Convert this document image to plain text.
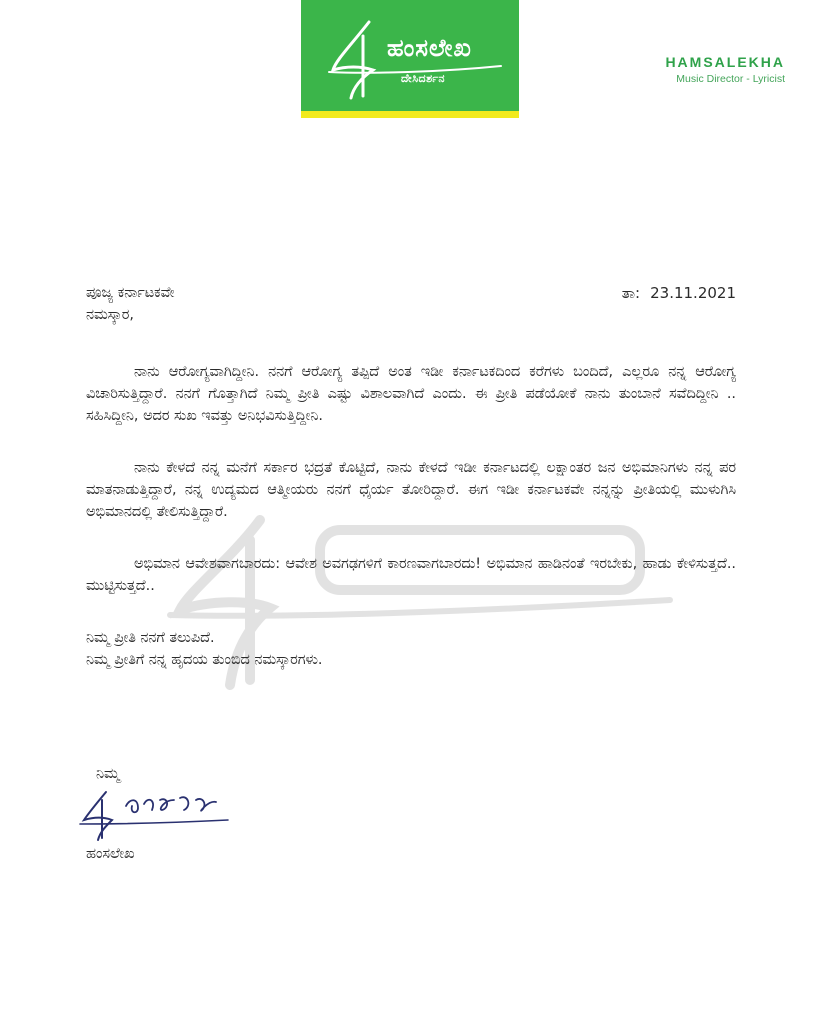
ಹಂಸಲೇಖ
ದೇಸಿದರ್ಶನ
HAMSALEKHA
Music Director - Lyricist
ಪೂಜ್ಯ ಕರ್ನಾಟಕವೇ	ತಾ: 23.11.2021
ನಮಸ್ಕಾರ,

ನಾನು ಆರೋಗ್ಯವಾಗಿದ್ದೀನಿ. ನನಗೆ ಆರೋಗ್ಯ ತಪ್ಪಿದೆ ಅಂತ ಇಡೀ ಕರ್ನಾಟಕದಿಂದ ಕರೆಗಳು ಬಂದಿದೆ, ಎಲ್ಲರೂ ನನ್ನ ಆರೋಗ್ಯ ವಿಚಾರಿಸುತ್ತಿದ್ದಾರೆ. ನನಗೆ ಗೊತ್ತಾಗಿದೆ ನಿಮ್ಮ ಪ್ರೀತಿ ಎಷ್ಟು ವಿಶಾಲವಾಗಿದೆ ಎಂದು. ಈ ಪ್ರೀತಿ ಪಡೆಯೋಕೆ ನಾನು ತುಂಬಾನೆ ಸವೆದಿದ್ದೀನಿ .. ಸಹಿಸಿದ್ದೀನಿ, ಅದರ ಸುಖ ಇವತ್ತು ಅನಿಭವಿಸುತ್ತಿದ್ದೀನಿ.

ನಾನು ಕೇಳದೆ ನನ್ನ ಮನೆಗೆ ಸರ್ಕಾರ ಭದ್ರತೆ ಕೊಟ್ಟಿದೆ, ನಾನು ಕೇಳದೆ ಇಡೀ ಕರ್ನಾಟದಲ್ಲಿ ಲಕ್ಷಾಂತರ ಜನ ಅಭಿಮಾನಿಗಳು ನನ್ನ ಪರ ಮಾತನಾಡುತ್ತಿದ್ದಾರೆ, ನನ್ನ ಉದ್ಯಮದ ಆತ್ಮೀಯರು ನನಗೆ ಧೈರ್ಯ ತೋರಿದ್ದಾರೆ. ಈಗ ಇಡೀ ಕರ್ನಾಟಕವೇ ನನ್ನನ್ನು ಪ್ರೀತಿಯಲ್ಲಿ ಮುಳುಗಿಸಿ ಅಭಿಮಾನದಲ್ಲಿ ತೇಲಿಸುತ್ತಿದ್ದಾರೆ.

ಅಭಿಮಾನ ಆವೇಶವಾಗಬಾರದು: ಆವೇಶ ಅವಗಢಗಳಿಗೆ ಕಾರಣವಾಗಬಾರದು! ಅಭಿಮಾನ ಹಾಡಿನಂತೆ ಇರಬೇಕು, ಹಾಡು ಕೇಳಿಸುತ್ತದೆ.. ಮುಟ್ಟಿಸುತ್ತದೆ..

ನಿಮ್ಮ ಪ್ರೀತಿ ನನಗೆ ತಲುಪಿದೆ.
ನಿಮ್ಮ ಪ್ರೀತಿಗೆ ನನ್ನ ಹೃದಯ ತುಂಬಿದ ನಮಸ್ಕಾರಗಳು.
ನಿಮ್ಮ
ಹಂಸಲೇಖ
